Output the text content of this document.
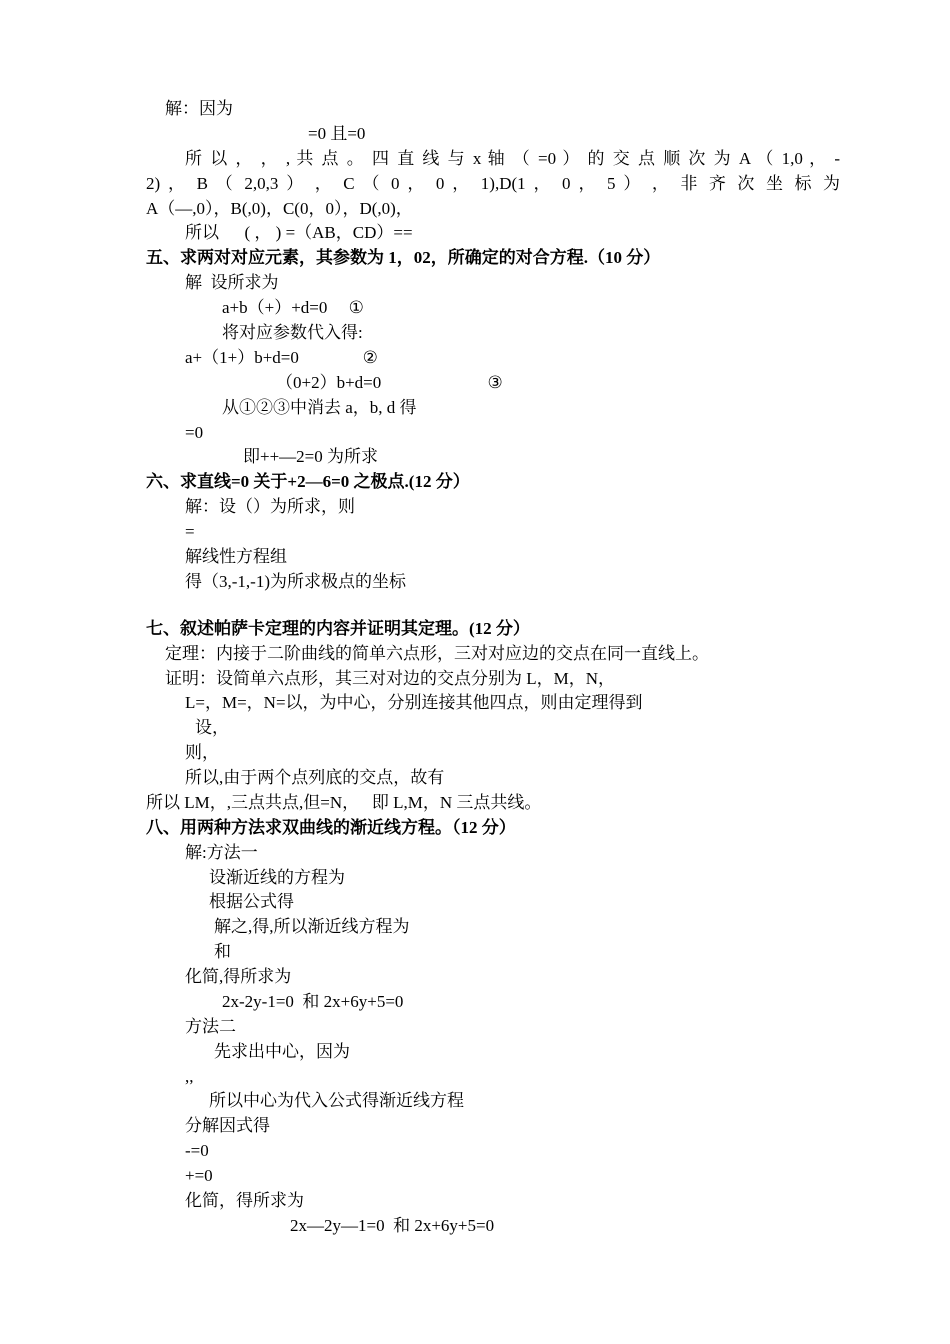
解：因为
=0 且=0
所 以 ， ， , 共 点 。 四 直 线 与 x 轴 （ =0 ） 的 交 点 顺 次 为 A （ 1,0 ， -
2) ， B （ 2,0,3 ） ， C （ 0 ， 0 ， 1),D(1 ， 0 ， 5 ） ， 非 齐 次 坐 标 为
A（—,0），B(,0)，C(0，0），D(,0)，
所以      ( ， ) =（AB，CD）==
五、求两对对应元素，其参数为 1，02，所确定的对合方程.（10 分）
解  设所求为
a+b（+）+d=0     ①
将对应参数代入得:
a+（1+）b+d=0               ②
（0+2）b+d=0                         ③
从①②③中消去 a，b, d 得
=0
即++—2=0 为所求
六、求直线=0 关于+2—6=0 之极点.(12 分）
解：设（）为所求，则
=
解线性方程组
得（3,-1,-1)为所求极点的坐标
七、叙述帕萨卡定理的内容并证明其定理。(12 分）
定理：内接于二阶曲线的简单六点形，三对对应边的交点在同一直线上。
证明：设简单六点形，其三对对边的交点分别为 L，M，N，
L=，M=，N=以，为中心，分别连接其他四点，则由定理得到
设，
则，
所以,由于两个点列底的交点，故有
所以 LM，,三点共点,但=N，   即 L,M，N 三点共线。
八、用两种方法求双曲线的渐近线方程。（12 分）
解:方法一
设渐近线的方程为
根据公式得
解之,得,所以渐近线方程为
和
化简,得所求为
2x-2y-1=0  和 2x+6y+5=0
方法二
先求出中心，因为
,,
所以中心为代入公式得渐近线方程
分解因式得
-=0
+=0
化简，得所求为
2x—2y—1=0  和 2x+6y+5=0
